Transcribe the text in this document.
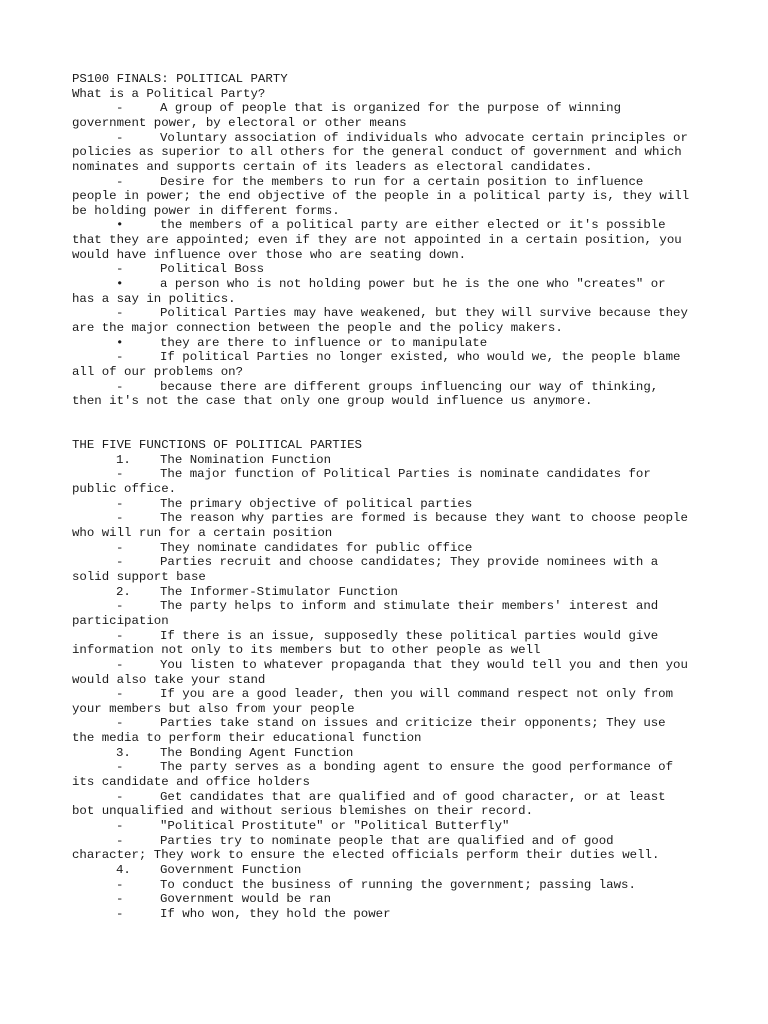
PS100 FINALS: POLITICAL PARTY
What is a Political Party?
-	A group of people that is organized for the purpose of winning
government power, by electoral or other means
-	Voluntary association of individuals who advocate certain principles or
policies as superior to all others for the general conduct of government and which
nominates and supports certain of its leaders as electoral candidates.
-	Desire for the members to run for a certain position to influence
people in power; the end objective of the people in a political party is, they will
be holding power in different forms.
•	the members of a political party are either elected or it's possible
that they are appointed; even if they are not appointed in a certain position, you
would have influence over those who are seating down.
-	Political Boss
•	a person who is not holding power but he is the one who "creates" or
has a say in politics.
-	Political Parties may have weakened, but they will survive because they
are the major connection between the people and the policy makers.
•	they are there to influence or to manipulate
-	If political Parties no longer existed, who would we, the people blame
all of our problems on?
-	because there are different groups influencing our way of thinking,
then it's not the case that only one group would influence us anymore.
THE FIVE FUNCTIONS OF POLITICAL PARTIES
1.	The Nomination Function
-	The major function of Political Parties is nominate candidates for
public office.
-	The primary objective of political parties
-	The reason why parties are formed is because they want to choose people
who will run for a certain position
-	They nominate candidates for public office
-	Parties recruit and choose candidates; They provide nominees with a
solid support base
2.	The Informer-Stimulator Function
-	The party helps to inform and stimulate their members' interest and
participation
-	If there is an issue, supposedly these political parties would give
information not only to its members but to other people as well
-	You listen to whatever propaganda that they would tell you and then you
would also take your stand
-	If you are a good leader, then you will command respect not only from
your members but also from your people
-	Parties take stand on issues and criticize their opponents; They use
the media to perform their educational function
3.	The Bonding Agent Function
-	The party serves as a bonding agent to ensure the good performance of
its candidate and office holders
-	Get candidates that are qualified and of good character, or at least
bot unqualified and without serious blemishes on their record.
-	"Political Prostitute" or "Political Butterfly"
-	Parties try to nominate people that are qualified and of good
character; They work to ensure the elected officials perform their duties well.
4.	Government Function
-	To conduct the business of running the government; passing laws.
-	Government would be ran
-	If who won, they hold the power
